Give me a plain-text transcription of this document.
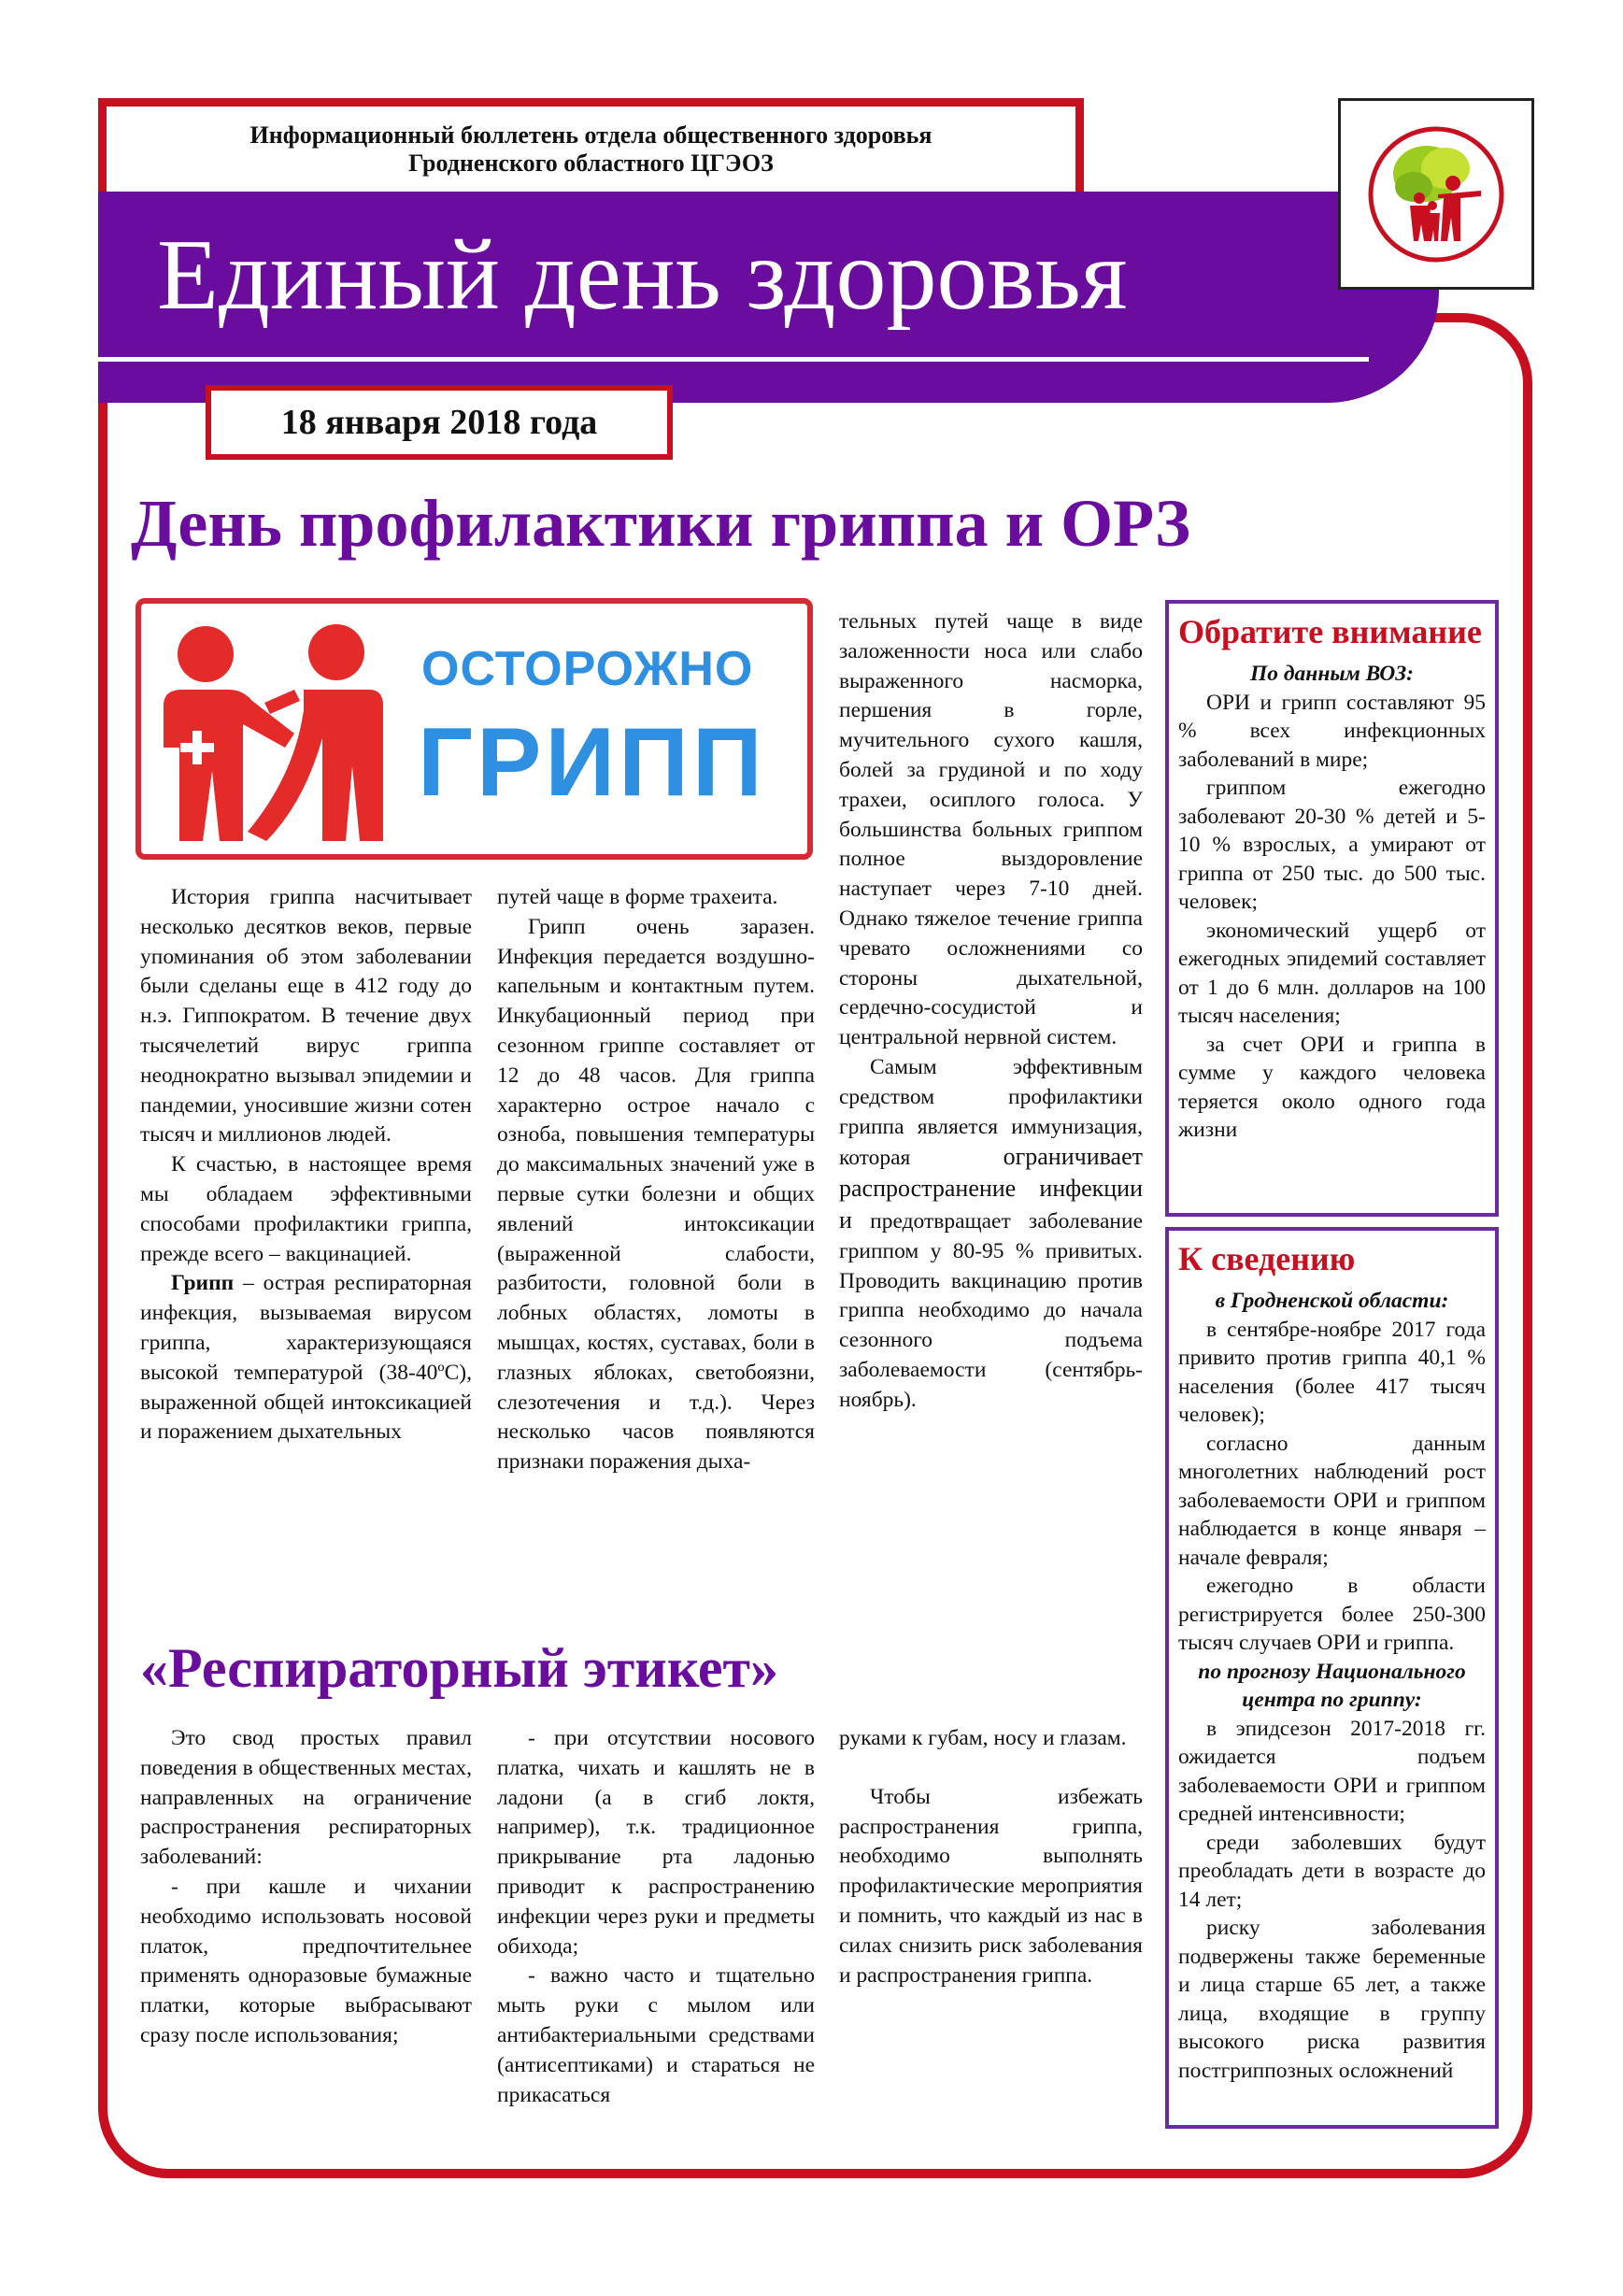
Информационный бюллетень отдела общественного здоровья
Гродненского областного ЦГЭОЗ
Единый день здоровья
18 января 2018 года
День профилактики гриппа и ОРЗ
ОСТОРОЖНО
ГРИПП

История гриппа насчитывает несколько десятков веков, первые упоминания об этом заболевании были сделаны еще в 412 году до н.э. Гиппократом. В течение двух тысячелетий вирус гриппа неоднократно вызывал эпидемии и пандемии, уносившие жизни сотен тысяч и миллионов людей.

К счастью, в настоящее время мы обладаем эффективными способами профилактики гриппа, прежде всего – вакцинацией.

Грипп – острая респираторная инфекция, вызываемая вирусом гриппа, характеризующаяся высокой температурой (38-40ºС), выраженной общей интоксикацией и поражением дыхательных

путей чаще в форме трахеита.

Грипп очень заразен. Инфекция передается воздушно-капельным и контактным путем. Инкубационный период при сезонном гриппе составляет от 12 до 48 часов. Для гриппа характерно острое начало с озноба, повышения температуры до максимальных значений уже в первые сутки болезни и общих явлений интоксикации (выраженной слабости, разбитости, головной боли в лобных областях, ломоты в мышцах, костях, суставах, боли в глазных яблоках, светобоязни, слезотечения и т.д.). Через несколько часов появляются признаки поражения дыха-

тельных путей чаще в виде заложенности носа или слабо выраженного насморка, першения в горле, мучительного сухого кашля, болей за грудиной и по ходу трахеи, осиплого голоса. У большинства больных гриппом полное выздоровление наступает через 7-10 дней. Однако тяжелое течение гриппа чревато осложнениями со стороны дыхательной, сердечно-сосудистой и центральной нервной систем.

Самым эффективным средством профилактики гриппа является иммунизация, которая ограничивает распространение инфекции и предотвращает заболевание гриппом у 80-95 % привитых. Проводить вакцинацию против гриппа необходимо до начала сезонного подъема заболеваемости (сентябрь-ноябрь).

Обратите внимание

По данным ВОЗ:

ОРИ и грипп составляют 95 % всех инфекционных заболеваний в мире;

гриппом ежегодно заболевают 20-30 % детей и 5-10 % взрослых, а умирают от гриппа от 250 тыс. до 500 тыс. человек;

экономический ущерб от ежегодных эпидемий составляет от 1 до 6 млн. долларов на 100 тысяч населения;

за счет ОРИ и гриппа в сумме у каждого человека теряется около одного года жизни

К сведению

в Гродненской области:

в сентябре-ноябре 2017 года привито против гриппа 40,1 % населения (более 417 тысяч человек);

согласно данным многолетних наблюдений рост заболеваемости ОРИ и гриппом наблюдается в конце января – начале февраля;

ежегодно в области регистрируется более 250-300 тысяч случаев ОРИ и гриппа.

по прогнозу Национального центра по гриппу:

в эпидсезон 2017-2018 гг. ожидается подъем заболеваемости ОРИ и гриппом средней интенсивности;

среди заболевших будут преобладать дети в возрасте до 14 лет;

риску заболевания подвержены также беременные и лица старше 65 лет, а также лица, входящие в группу высокого риска развития постгриппозных осложнений

«Респираторный этикет»

Это свод простых правил поведения в общественных местах, направленных на ограничение распространения респираторных заболеваний:

- при кашле и чихании необходимо использовать носовой платок, предпочтительнее применять одноразовые бумажные платки, которые выбрасывают сразу после использования;

- при отсутствии носового платка, чихать и кашлять не в ладони (а в сгиб локтя, например), т.к. традиционное прикрывание рта ладонью приводит к распространению инфекции через руки и предметы обихода;

- важно часто и тщательно мыть руки с мылом или антибактериальными средствами (антисептиками) и стараться не прикасаться

руками к губам, носу и глазам.

Чтобы избежать распространения гриппа, необходимо выполнять профилактические мероприятия и помнить, что каждый из нас в силах снизить риск заболевания и распространения гриппа.
